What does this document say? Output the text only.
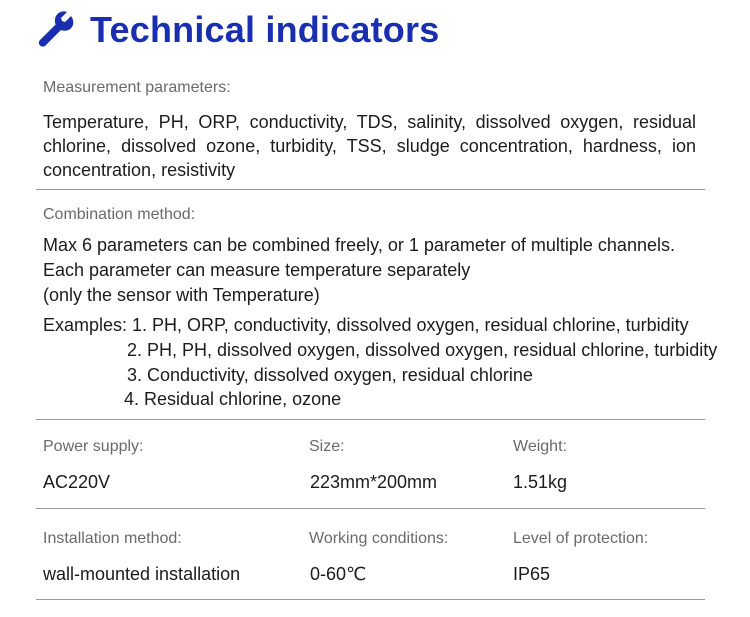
Technical indicators
Measurement parameters:
Temperature, PH, ORP, conductivity, TDS, salinity, dissolved oxygen, residual chlorine, dissolved ozone, turbidity, TSS, sludge concentration, hardness, ion concentration, resistivity
Combination method:
Max 6 parameters can be combined freely, or 1 parameter of multiple channels.
Each parameter can measure temperature separately
(only the sensor with Temperature)
Examples: 1. PH, ORP, conductivity, dissolved oxygen, residual chlorine, turbidity
2. PH, PH, dissolved oxygen, dissolved oxygen, residual chlorine, turbidity
3. Conductivity, dissolved oxygen, residual chlorine
4. Residual chlorine, ozone
Power supply:	Size:	Weight:
AC220V	223mm*200mm	1.51kg
Installation method:	Working conditions:	Level of protection:
wall-mounted installation	0-60℃	IP65
